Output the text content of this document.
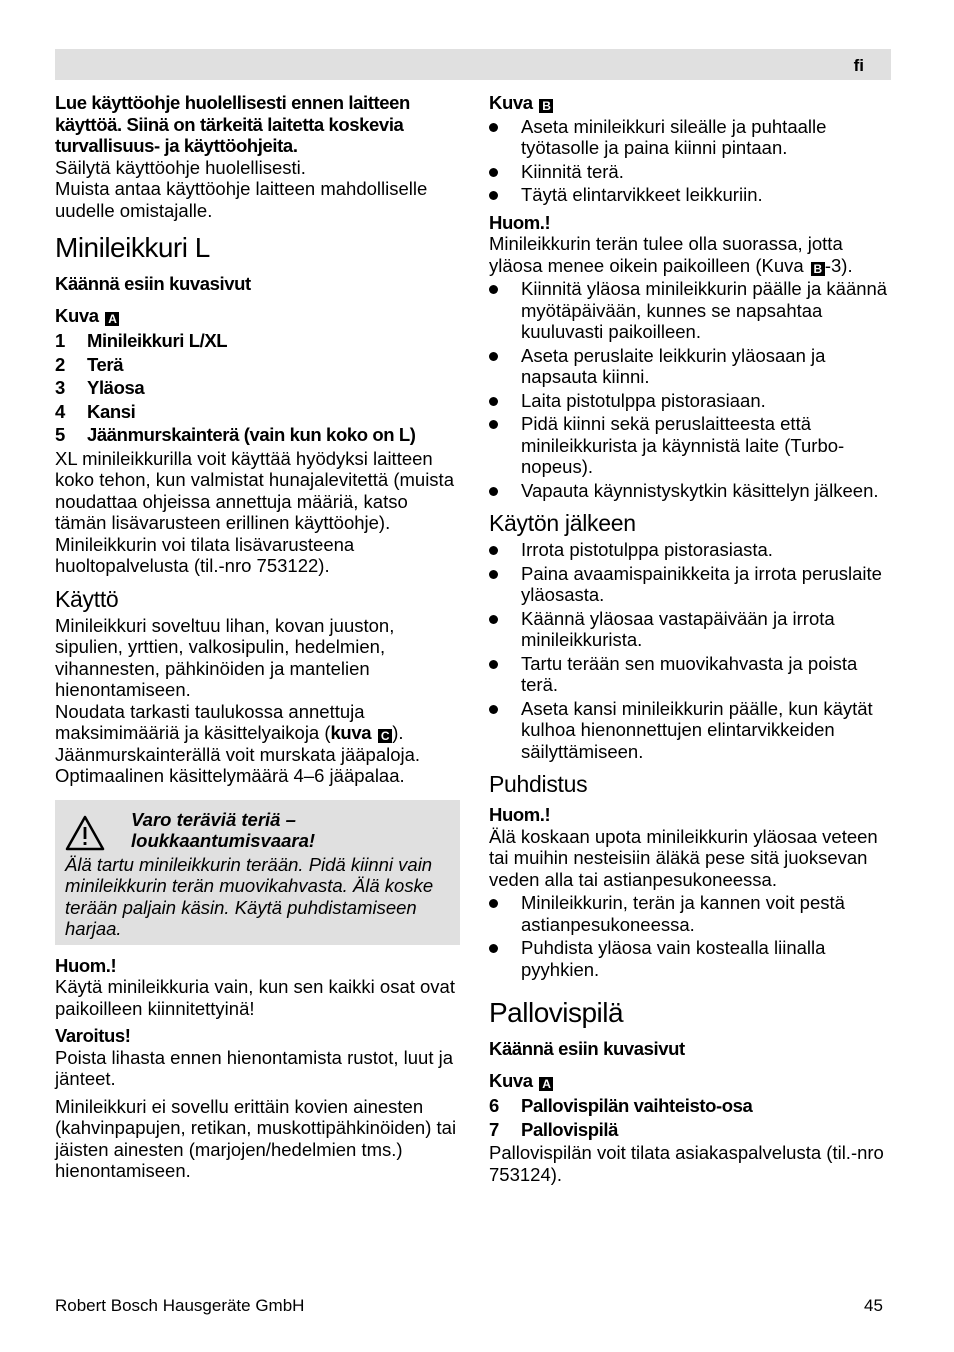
fi

Lue käyttöohje huolellisesti ennen laitteen käyttöä. Siinä on tärkeitä laitetta koskevia turvallisuus- ja käyttöohjeita.

Säilytä käyttöohje huolellisesti.

Muista antaa käyttöohje laitteen mahdolliselle uudelle omistajalle.

Minileikkuri L

Käännä esiin kuvasivut

Kuva A

1	Minileikkuri L/XL
2	Terä
3	Yläosa
4	Kansi
5	Jäänmurskainterä (vain kun koko on L)

XL minileikkurilla voit käyttää hyödyksi laitteen koko tehon, kun valmistat hunajalevitettä (muista noudattaa ohjeissa annettuja määriä, katso tämän lisävarusteen erillinen käyttöohje).

Minileikkurin voi tilata lisävarusteena huoltopalvelusta (til.-nro 753122).

Käyttö

Minileikkuri soveltuu lihan, kovan juuston, sipulien, yrttien, valkosipulin, hedelmien, vihannesten, pähkinöiden ja mantelien hienontamiseen.

Noudata tarkasti taulukossa annettuja maksimimääriä ja käsittelyaikoja (kuva C ).

Jäänmurskainterällä voit murskata jääpaloja. Optimaalinen käsittelymäärä 4–6 jääpalaa.

Varo teräviä teriä – loukkaantumisvaara!

Älä tartu minileikkurin terään. Pidä kiinni vain minileikkurin terän muovikahvasta. Älä koske terään paljain käsin. Käytä puhdistamiseen harjaa.

Huom.!

Käytä minileikkuria vain, kun sen kaikki osat ovat paikoilleen kiinnitettyinä!

Varoitus!

Poista lihasta ennen hienontamista rustot, luut ja jänteet.

Minileikkuri ei sovellu erittäin kovien ainesten (kahvinpapujen, retikan, muskottipähkinöiden) tai jäisten ainesten (marjojen/hedelmien tms.) hienontamiseen.

Kuva B

Aseta minileikkuri sileälle ja puhtaalle työtasolle ja paina kiinni pintaan.
Kiinnitä terä.
Täytä elintarvikkeet leikkuriin.

Huom.!

Minileikkurin terän tulee olla suorassa, jotta yläosa menee oikein paikoilleen (Kuva B -3).

Kiinnitä yläosa minileikkurin päälle ja käännä myötäpäivään, kunnes se napsahtaa kuuluvasti paikoilleen.
Aseta peruslaite leikkurin yläosaan ja napsauta kiinni.
Laita pistotulppa pistorasiaan.
Pidä kiinni sekä peruslaitteesta että minileikkurista ja käynnistä laite (Turbo-nopeus).
Vapauta käynnistyskytkin käsittelyn jälkeen.
Käytön jälkeen
Irrota pistotulppa pistorasiasta.
Paina avaamispainikkeita ja irrota peruslaite yläosasta.
Käännä yläosaa vastapäivään ja irrota minileikkurista.
Tartu terään sen muovikahvasta ja poista terä.
Aseta kansi minileikkurin päälle, kun käytät kulhoa hienonnettujen elintarvikkeiden säilyttämiseen.
Puhdistus

Huom.!

Älä koskaan upota minileikkurin yläosaa veteen tai muihin nesteisiin äläkä pese sitä juoksevan veden alla tai astianpesukoneessa.

Minileikkurin, terän ja kannen voit pestä astianpesukoneessa.
Puhdista yläosa vain kostealla liinalla pyyhkien.
Pallovispilä

Käännä esiin kuvasivut

Kuva A

6	Pallovispilän vaihteisto-osa
7	Pallovispilä

Pallovispilän voit tilata asiakaspalvelusta (til.-nro 753124).

Robert Bosch Hausgeräte GmbH	45
